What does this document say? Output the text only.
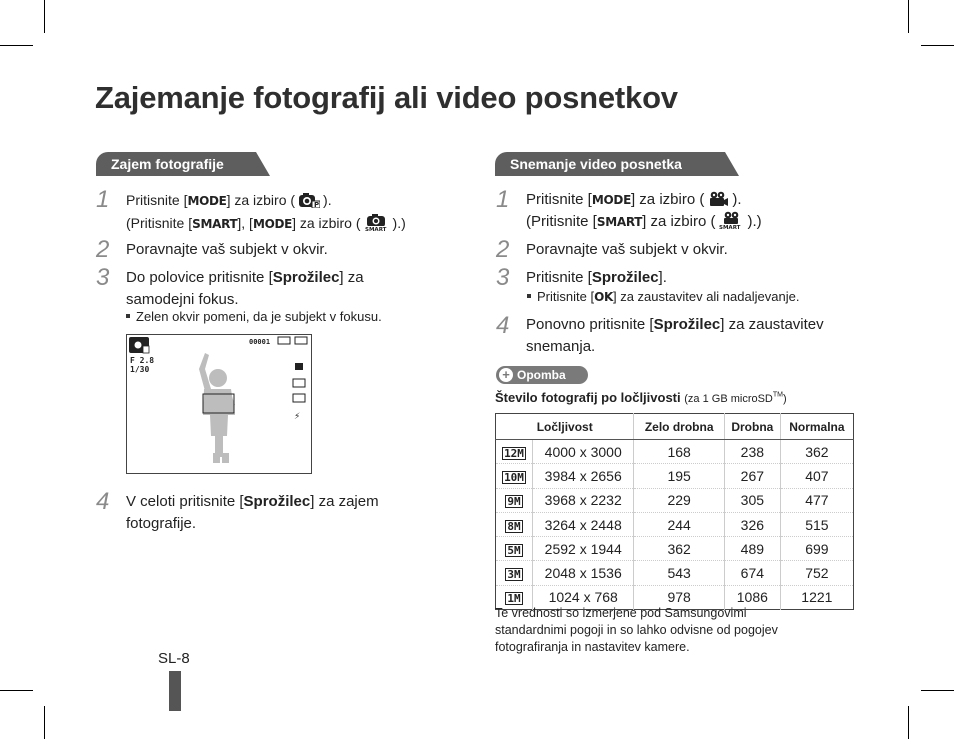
Zajemanje fotografij ali video posnetkov
Zajem fotografije
1 Pritisnite [MODE] za izbiro (	P ).
(Pritisnite [SMART], [MODE] za izbiro ( SMART ).)
2 Poravnajte vaš subjekt v okvir.
3 Do polovice pritisnite [Sprožilec] za
samodejni fokus.
Zelen okvir pomeni, da je subjekt v fokusu.
00001
F 2.8
1/30
⚡
4 V celoti pritisnite [Sprožilec] za zajem
fotografije.
Snemanje video posnetka
1 Pritisnite [MODE] za izbiro ( ).
(Pritisnite [SMART] za izbiro ( SMART ).)
2 Poravnajte vaš subjekt v okvir.
3 Pritisnite [Sprožilec].
Pritisnite [OK] za zaustavitev ali nadaljevanje.
4 Ponovno pritisnite [Sprožilec] za zaustavitev
snemanja.
+ Opomba
Število fotografij po ločljivosti (za 1 GB microSD™)
Ločljivost		Zelo drobna	Drobna	Normalna
12M	4000 x 3000	168	238	362
10M	3984 x 2656	195	267	407
9M	3968 x 2232	229	305	477
8M	3264 x 2448	244	326	515
5M	2592 x 1944	362	489	699
3M	2048 x 1536	543	674	752
1M	1024 x 768	978	1086	1221
Te vrednosti so izmerjene pod Samsungovimi
standardnimi pogoji in so lahko odvisne od pogojev
fotografiranja in nastavitev kamere.
SL-8
